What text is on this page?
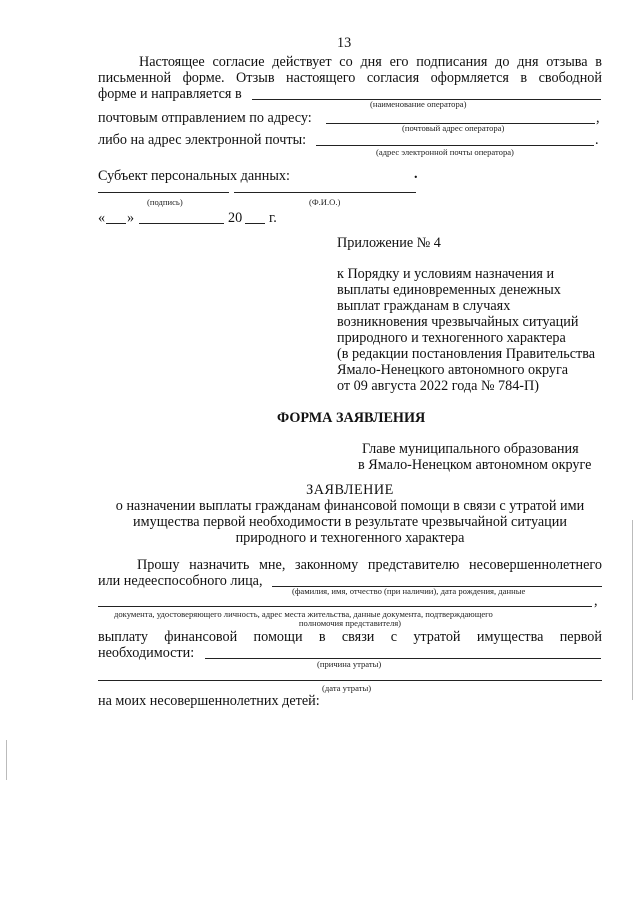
13
Настоящее согласие действует со дня его подписания до дня отзыва в
письменной форме. Отзыв настоящего согласия оформляется в свободной
форме и направляется в
(наименование оператора)
почтовым отправлением по адресу:	,
(почтовый адрес оператора)
либо на адрес электронной почты:	.
(адрес электронной почты оператора)
Субъект персональных данных:	.
(подпись)	(Ф.И.О.)
« »	20 г.
Приложение № 4
к Порядку и условиям назначения и
выплаты единовременных денежных
выплат гражданам в случаях
возникновения чрезвычайных ситуаций
природного и техногенного характера
(в редакции постановления Правительства
Ямало-Ненецкого автономного округа
от 09 августа 2022 года № 784-П)
ФОРМА ЗАЯВЛЕНИЯ
Главе муниципального образования
в Ямало-Ненецком автономном округе
ЗАЯВЛЕНИЕ
о назначении выплаты гражданам финансовой помощи в связи с утратой ими
имущества первой необходимости в результате чрезвычайной ситуации
природного и техногенного характера
Прошу назначить мне, законному представителю несовершеннолетнего
или недееспособного лица,
(фамилия, имя, отчество (при наличии), дата рождения, данные
,
документа, удостоверяющего личность, адрес места жительства, данные документа, подтверждающего
полномочия представителя)
выплату финансовой помощи в связи с утратой имущества первой
необходимости:
(причина утраты)
(дата утраты)
на моих несовершеннолетних детей:
